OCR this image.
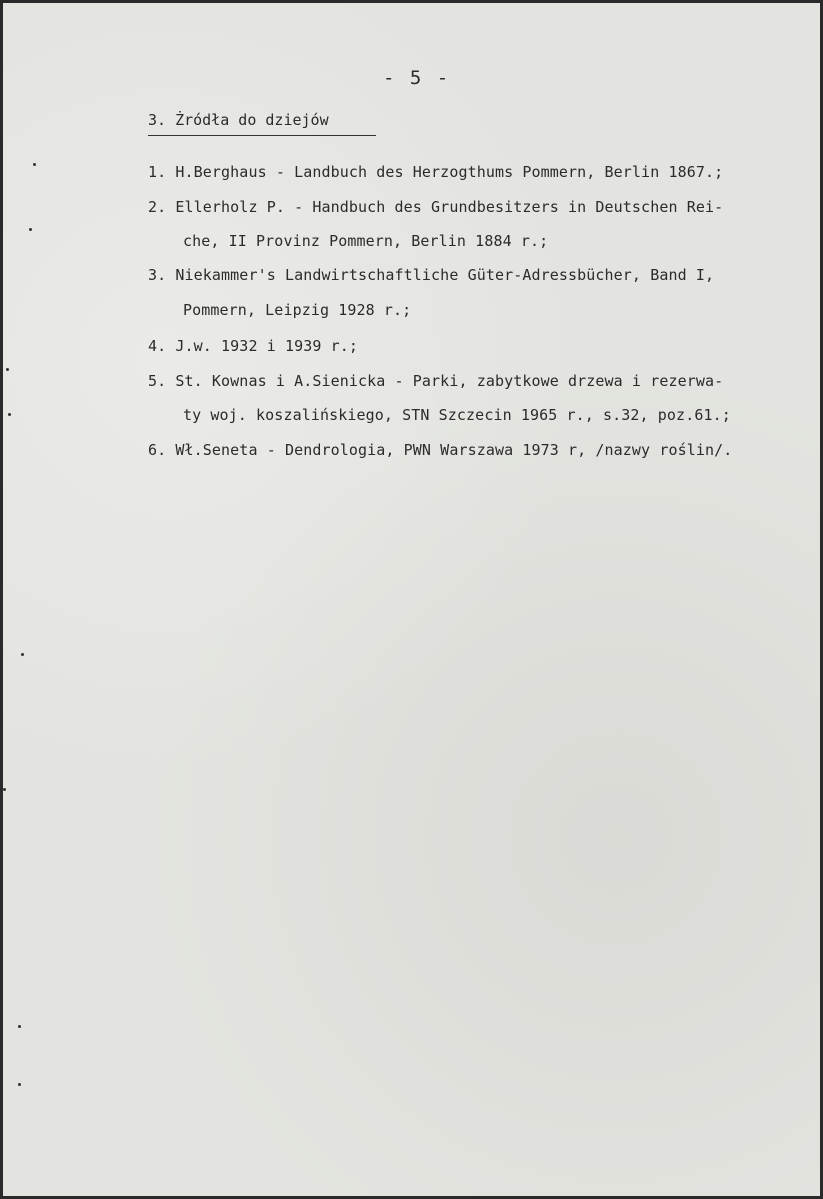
- 5 -
3. Żródła do dziejów
1. H.Berghaus - Landbuch des Herzogthums Pommern, Berlin 1867.;
2. Ellerholz P. - Handbuch des Grundbesitzers in Deutschen Rei-
che, II Provinz Pommern, Berlin 1884 r.;
3. Niekammer's Landwirtschaftliche Güter-Adressbücher, Band I,
Pommern, Leipzig 1928 r.;
4. J.w. 1932 i 1939 r.;
5. St. Kownas i A.Sienicka - Parki, zabytkowe drzewa i rezerwa-
ty woj. koszalińskiego, STN Szczecin 1965 r., s.32, poz.61.;
6. Wł.Seneta - Dendrologia, PWN Warszawa 1973 r, /nazwy roślin/.
